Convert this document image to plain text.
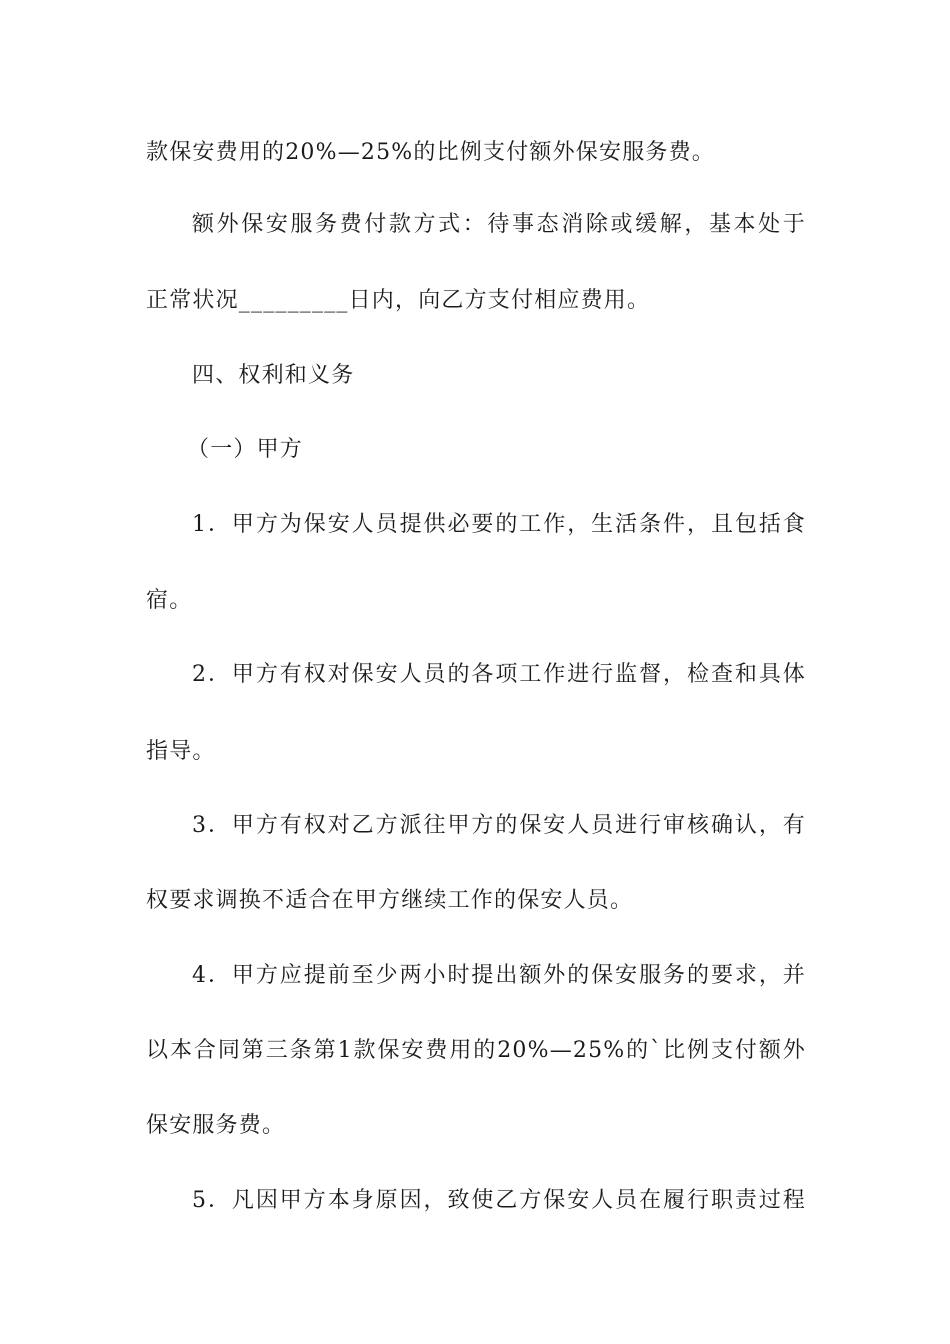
款保安费用的20%—25%的比例支付额外保安服务费。
额外保安服务费付款方式：待事态消除或缓解，基本处于
正常状况_________日内，向乙方支付相应费用。
四、权利和义务
（一）甲方
1．甲方为保安人员提供必要的工作，生活条件，且包括食
宿。
2．甲方有权对保安人员的各项工作进行监督，检查和具体
指导。
3．甲方有权对乙方派往甲方的保安人员进行审核确认，有
权要求调换不适合在甲方继续工作的保安人员。
4．甲方应提前至少两小时提出额外的保安服务的要求，并
以本合同第三条第1款保安费用的20%—25%的`比例支付额外
保安服务费。
5．凡因甲方本身原因，致使乙方保安人员在履行职责过程
